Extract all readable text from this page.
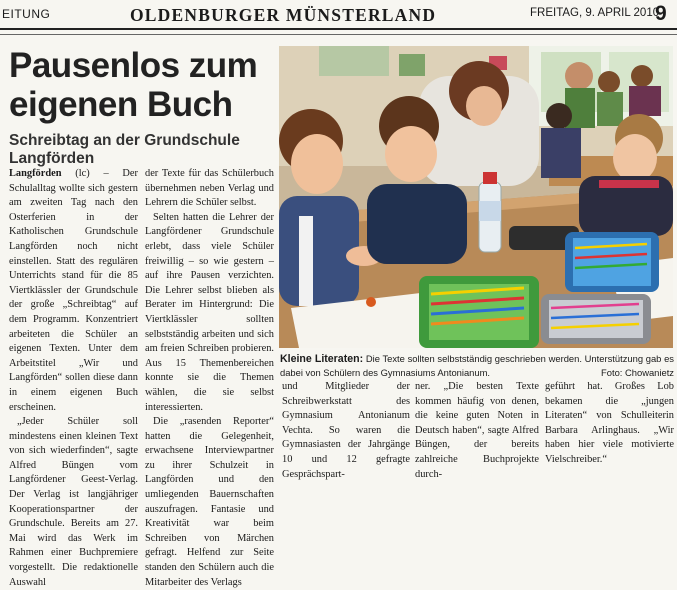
EITUNG	OLDENBURGER MÜNSTERLAND	FREITAG, 9. APRIL 2010
9
Pausenlos zum
eigenen Buch
Schreibtag an der Grundschule Langförden

Langförden (lc) – Der Schulalltag wollte sich gestern am zweiten Tag nach den Osterferien in der Katholischen Grundschule Langförden noch nicht einstellen. Statt des regulären Unterrichts stand für die 85 Viertklässler der Grundschule der große „Schreibtag“ auf dem Programm. Konzentriert arbeiteten die Schüler an eigenen Texten. Unter dem Arbeitstitel „Wir und Langförden“ sollen diese dann in einem eigenen Buch erscheinen.

„Jeder Schüler soll mindestens einen kleinen Text von sich wiederfinden“, sagte Alfred Büngen vom Langfördener Geest-Verlag. Der Verlag ist langjähriger Kooperationspartner der Grundschule. Bereits am 27. Mai wird das Werk im Rahmen einer Buchpremiere vorgestellt. Die redaktionelle Auswahl

der Texte für das Schülerbuch übernehmen neben Verlag und Lehrern die Schüler selbst.

Selten hatten die Lehrer der Langfördener Grundschule erlebt, dass viele Schüler freiwillig – so wie gestern – auf ihre Pausen verzichten. Die Lehrer selbst blieben als Berater im Hintergrund: Die Viertklässler sollten selbstständig arbeiten und sich am freien Schreiben probieren. Aus 15 Themenbereichen konnte sie die Themen wählen, die sie selbst interessierten.

Die „rasenden Reporter“ hatten die Gelegenheit, erwachsene Interviewpartner zu ihrer Schulzeit in Langförden und den umliegenden Bauernschaften auszufragen. Fantasie und Kreativität war beim Schreiben von Märchen gefragt. Helfend zur Seite standen den Schülern auch die Mitarbeiter des Verlags

Kleine Literaten: Die Texte sollten selbstständig geschrieben werden. Unterstützung gab es dabei von Schülern des Gymnasiums Antonianum.	Foto: Chowanietz

und Mitglieder der Schreibwerkstatt des Gymnasium Antonianum Vechta. So waren die Gymnasiasten der Jahrgänge 10 und 12 gefragte Gesprächspart-

ner. „Die besten Texte kommen häufig von denen, die keine guten Noten in Deutsch haben“, sagte Alfred Büngen, der bereits zahlreiche Buchprojekte durch-

geführt hat. Großes Lob bekamen die „jungen Literaten“ von Schulleiterin Barbara Arlinghaus. „Wir haben hier viele motivierte Vielschreiber.“
